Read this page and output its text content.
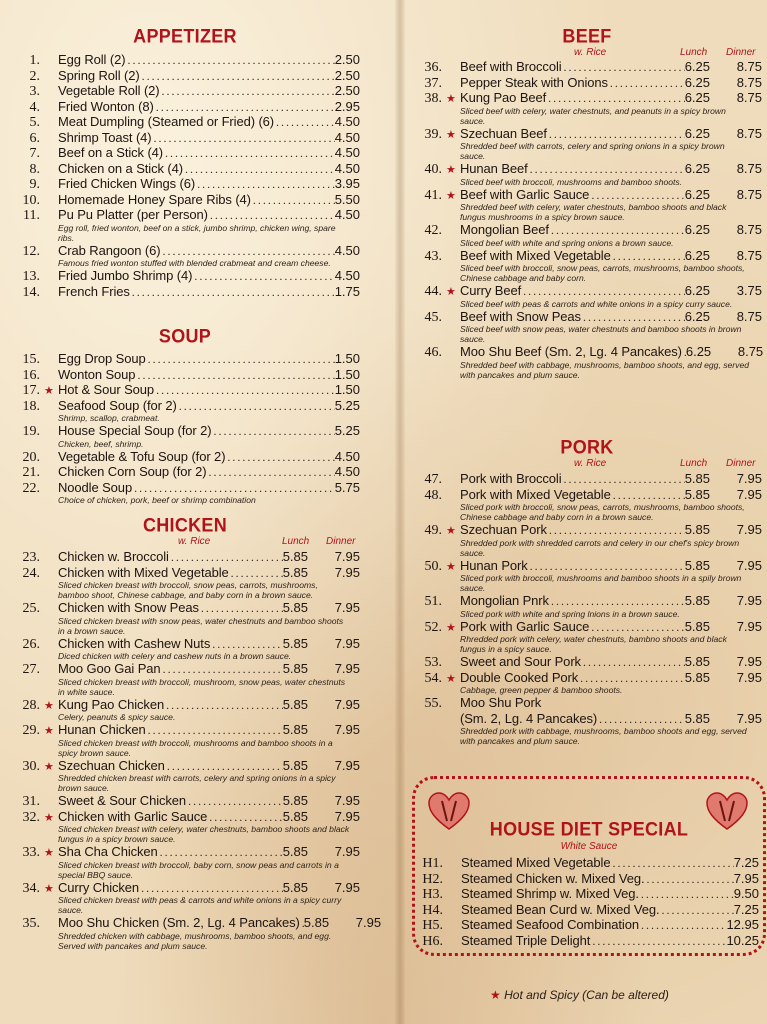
APPETIZER
1.	Egg Roll (2) .....	2.50
2.	Spring Roll (2) .....	2.50
3.	Vegetable Roll (2) .....	2.50
4.	Fried Wonton (8) .....	2.95
5.	Meat Dumpling (Steamed or Fried) (6) .....	4.50
6.	Shrimp Toast (4) .....	4.50
7.	Beef on a Stick (4) .....	4.50
8.	Chicken on a Stick (4) .....	4.50
9.	Fried Chicken Wings (6) .....	3.95
10.	Homemade Honey Spare Ribs (4) .....	5.50
11.	Pu Pu Platter (per Person) .....	4.50
Egg roll, fried wonton, beef on a stick, jumbo shrimp, chicken wing, spare ribs.
12.	Crab Rangoon (6) .....	4.50
Famous fried wonton stuffed with blended crabmeat and cream cheese.
13.	Fried Jumbo Shrimp (4) .....	4.50
14.	French Fries .....	1.75
SOUP
15.	Egg Drop Soup .....	1.50
16.	Wonton Soup .....	1.50
17. ★ Hot & Sour Soup .....	1.50
18.	Seafood Soup (for 2) .....	5.25
Shrimp, scallop, crabmeat.
19.	House Special Soup (for 2) .....	5.25
Chicken, beef, shrimp.
20.	Vegetable & Tofu Soup (for 2) .....	4.50
21.	Chicken Corn Soup (for 2) .....	4.50
22.	Noodle Soup .....	5.75
Choice of chicken, pork, beef or shrimp combination
CHICKEN
w. Rice	Lunch Dinner
23.	Chicken w. Broccoli .....	5.85	7.95
24.	Chicken with Mixed Vegetable .....	5.85	7.95
Sliced chicken breast with broccoli, snow peas, carrots, mushrooms, bamboo shoot, Chinese cabbage, and baby corn in a brown sauce.
25.	Chicken with Snow Peas .....	5.85	7.95
Sliced chicken breast with snow peas, water chestnuts and bamboo shoots in a brown sauce.
26.	Chicken with Cashew Nuts .....	5.85	7.95
Diced chicken with celery and cashew nuts in a brown sauce.
27.	Moo Goo Gai Pan .....	5.85	7.95
Sliced chicken breast with broccoli, mushroom, snow peas, water chestnuts in white sauce.
28. ★ Kung Pao Chicken .....	5.85	7.95
Celery, peanuts & spicy sauce.
29. ★ Hunan Chicken .....	5.85	7.95
Sliced chicken breast with broccoli, mushrooms and bamboo shoots in a spicy brown sauce.
30. ★ Szechuan Chicken .....	5.85	7.95
Shredded chicken breast with carrots, celery and spring onions in a spicy brown sauce.
31.	Sweet & Sour Chicken .....	5.85	7.95
32. ★ Chicken with Garlic Sauce .....	5.85	7.95
Sliced chicken breast with celery, water chestnuts, bamboo shoots and black fungus in a spicy brown sauce.
33. ★ Sha Cha Chicken .....	5.85	7.95
Sliced chicken breast with broccoli, baby corn, snow peas and carrots in a special BBQ sauce.
34. ★ Curry Chicken .....	5.85	7.95
Sliced chicken breast with peas & carrots and white onions in a spicy curry sauce.
35.	Moo Shu Chicken (Sm. 2, Lg. 4 Pancakes) ..... 5.85	7.95
Shredded chicken with cabbage, mushrooms, bamboo shoots, and egg. Served with pancakes and plum sauce.
BEEF
w. Rice	Lunch Dinner
36.	Beef with Broccoli .....	6.25	8.75
37.	Pepper Steak with Onions .....	6.25	8.75
38. ★ Kung Pao Beef .....	6.25	8.75
Sliced beef with celery, water chestnuts, and peanuts in a spicy brown sauce.
39. ★ Szechuan Beef .....	6.25	8.75
Shredded beef with carrots, celery and spring onions in a spicy brown sauce.
40. ★ Hunan Beef .....	6.25	8.75
Sliced beef with broccoli, mushrooms and bamboo shoots.
41. ★ Beef with Garlic Sauce .....	6.25	8.75
Shredded beef with celery, water chestnuts, bamboo shoots and black fungus mushrooms in a spicy brown sauce.
42.	Mongolian Beef .....	6.25	8.75
Sliced beef with white and spring onions a brown sauce.
43.	Beef with Mixed Vegetable .....	6.25	8.75
Sliced beef with broccoli, snow peas, carrots, mushrooms, bamboo shoots, Chinese cabbage and baby corn.
44. ★ Curry Beef .....	6.25	3.75
Sliced beef with peas & carrots and white onions in a spicy curry sauce.
45.	Beef with Snow Peas .....	6.25	8.75
Sliced beef with snow peas, water chestnuts and bamboo shoots in brown sauce.
46.	Moo Shu Beef (Sm. 2, Lg. 4 Pancakes) ..... 6.25	8.75
Shredded beef with cabbage, mushrooms, bamboo shoots, and egg, served with pancakes and plum sauce.
PORK
w. Rice	Lunch Dinner
47.	Pork with Broccoli .....	5.85	7.95
48.	Pork with Mixed Vegetable .....	5.85	7.95
Sliced pork with broccoli, snow peas, carrots, mushrooms, bamboo shoots, Chinese cabbage and baby corn in a brown sauce.
49. ★ Szechuan Pork .....	5.85	7.95
Shredded pork with shredded carrots and celery in our chef's spicy brown sauce.
50. ★ Hunan Pork .....	5.85	7.95
Sliced pork with broccoli, mushrooms and bamboo shoots in a spily brown sauce.
51.	Mongolian Pnrk .....	5.85	7.95
Sliced pork with white and spring lnions in a brown sauce.
52. ★ Pork with Garlic Sauce .....	5.85	7.95
Rhredded pork with celery, water chestnuts, bambno shoots and black fungus in a spicy sauce.
53.	Sweet and Sour Pork .....	5.85	7.95
54. ★ Double Cooked Pork .....	5.85	7.95
Cabbage, green pepper & bamboo shoots.
55.	Moo Shu Pork
(Sm. 2, Lg. 4 Pancakes) .....	5.85	7.95
Shredded pork with cabbage, mushrooms, bamboo shoots and egg, served with pancakes and plum sauce.
HOUSE DIET SPECIAL
White Sauce
H1.	Steamed Mixed Vegetable .....	7.25
H2.	Steamed Chicken w. Mixed Veg. .....	7.95
H3.	Steamed Shrimp w. Mixed Veg. .....	9.50
H4.	Steamed Bean Curd w. Mixed Veg. .....	7.25
H5.	Steamed Seafood Combination .....	12.95
H6.	Steamed Triple Delight .....	10.25
★ Hot and Spicy (Can be altered)
